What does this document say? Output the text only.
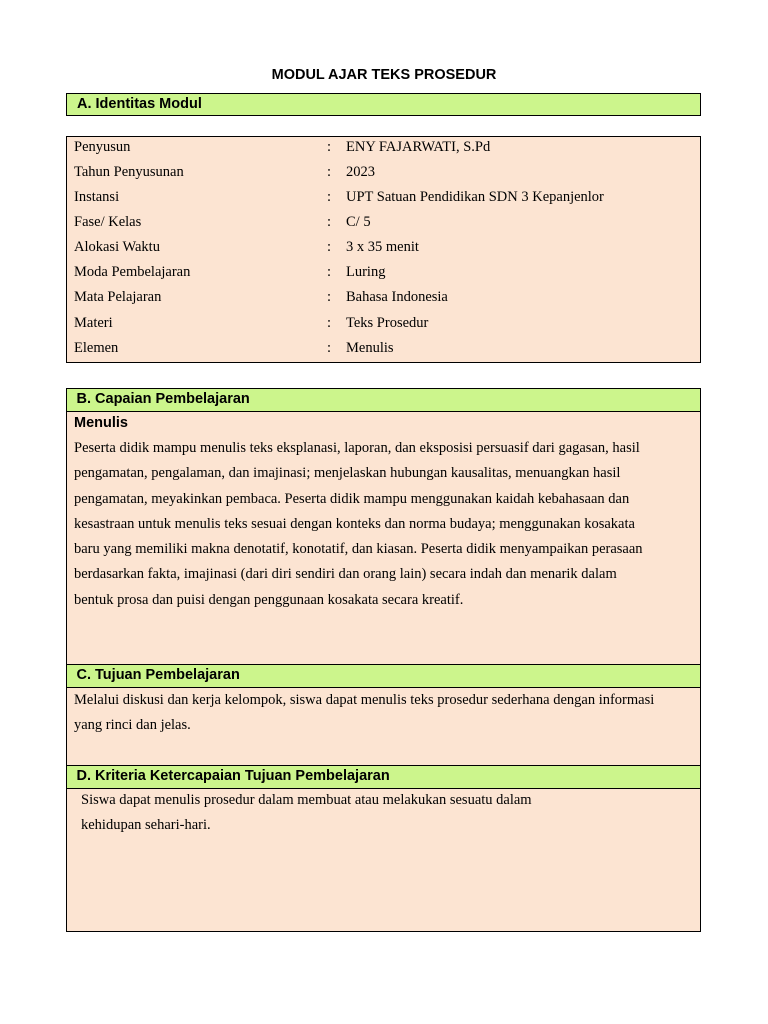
MODUL AJAR TEKS PROSEDUR
A. Identitas Modul
Penyusun	: ENY FAJARWATI, S.Pd
Tahun Penyusunan	: 2023
Instansi	: UPT Satuan Pendidikan SDN 3 Kepanjenlor
Fase/ Kelas	: C/ 5
Alokasi Waktu	: 3 x 35 menit
Moda Pembelajaran	: Luring
Mata Pelajaran	: Bahasa Indonesia
Materi	: Teks Prosedur
Elemen	: Menulis
B. Capaian Pembelajaran
Menulis
Peserta didik mampu menulis teks eksplanasi, laporan, dan eksposisi persuasif dari gagasan, hasil
pengamatan, pengalaman, dan imajinasi; menjelaskan hubungan kausalitas, menuangkan hasil
pengamatan, meyakinkan pembaca. Peserta didik mampu menggunakan kaidah kebahasaan dan
kesastraan untuk menulis teks sesuai dengan konteks dan norma budaya; menggunakan kosakata
baru yang memiliki makna denotatif, konotatif, dan kiasan. Peserta didik menyampaikan perasaan
berdasarkan fakta, imajinasi (dari diri sendiri dan orang lain) secara indah dan menarik dalam
bentuk prosa dan puisi dengan penggunaan kosakata secara kreatif.
C. Tujuan Pembelajaran
Melalui diskusi dan kerja kelompok, siswa dapat menulis teks prosedur sederhana dengan informasi
yang rinci dan jelas.
D. Kriteria Ketercapaian Tujuan Pembelajaran
Siswa dapat menulis prosedur dalam membuat atau melakukan sesuatu dalam
kehidupan sehari-hari.
